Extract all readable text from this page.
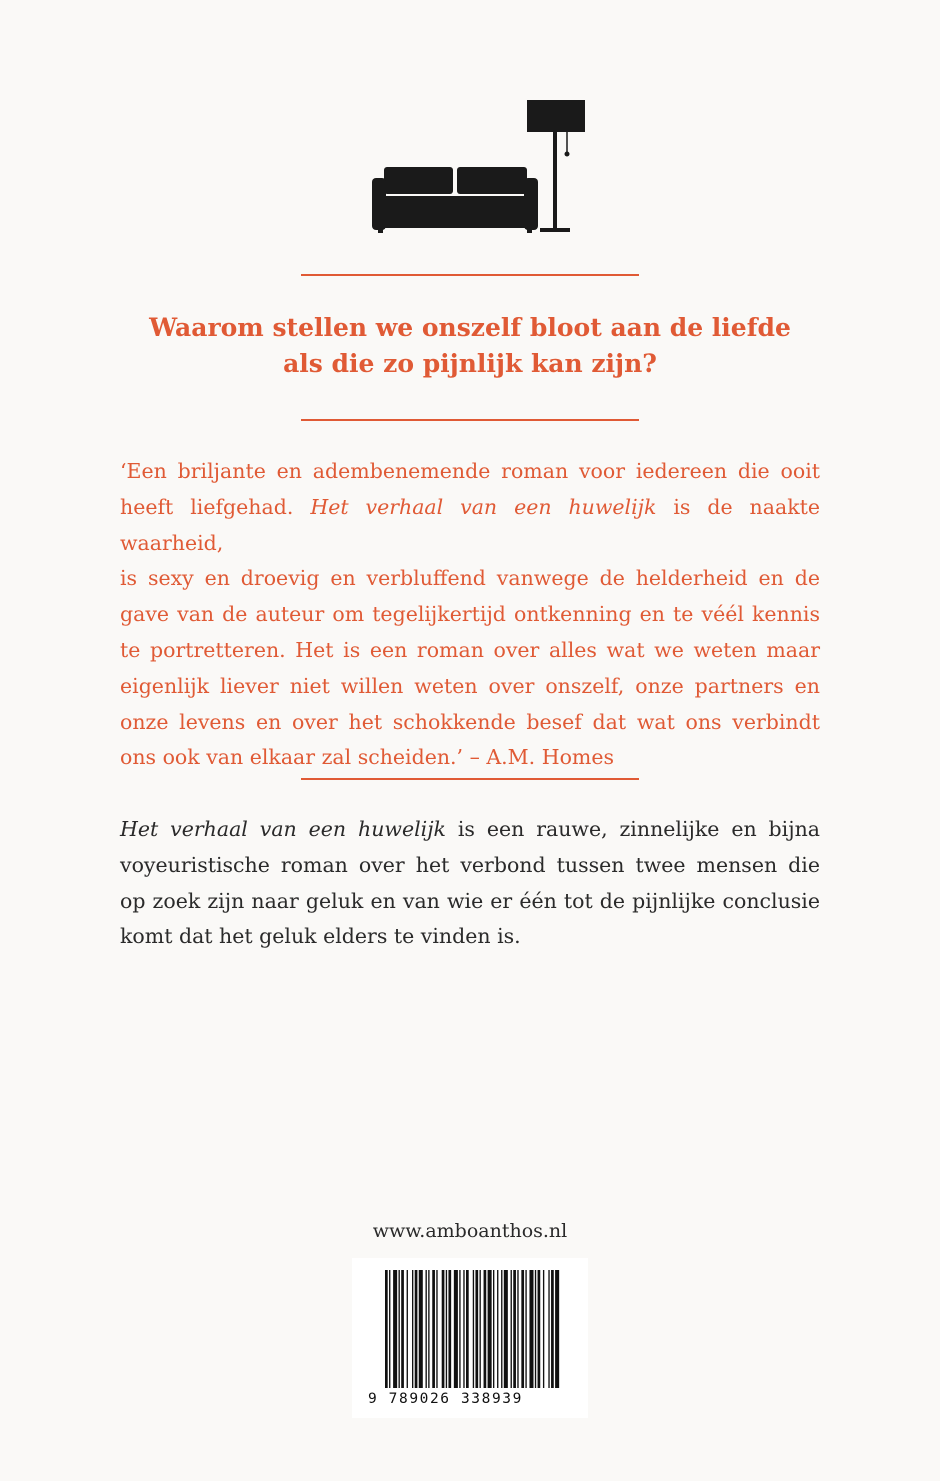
Waarom stellen we onszelf bloot aan de liefde
als die zo pijnlijk kan zijn?
‘Een briljante en adembenemende roman voor iedereen die ooit
heeft liefgehad. Het verhaal van een huwelijk is de naakte waarheid,
is sexy en droevig en verbluffend vanwege de helderheid en de
gave van de auteur om tegelijkertijd ontkenning en te véél kennis
te portretteren. Het is een roman over alles wat we weten maar
eigenlijk liever niet willen weten over onszelf, onze partners en
onze levens en over het schokkende besef dat wat ons verbindt
ons ook van elkaar zal scheiden.’ – A.M. Homes
Het verhaal van een huwelijk is een rauwe, zinnelijke en bijna
voyeuristische roman over het verbond tussen twee mensen die
op zoek zijn naar geluk en van wie er één tot de pijnlijke conclusie
komt dat het geluk elders te vinden is.
www.amboanthos.nl
9 789026 338939
